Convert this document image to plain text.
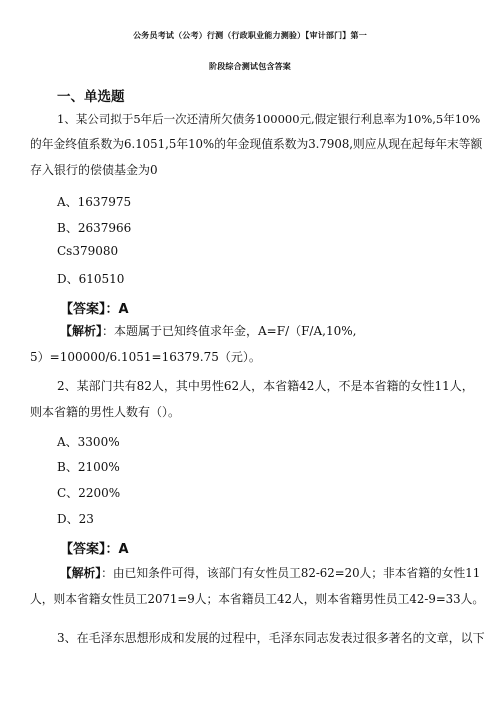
公务员考试（公考）行测（行政职业能力测验）【审计部门】第一
阶段综合测试包含答案
一、单选题
1、某公司拟于5年后一次还清所欠债务100000元,假定银行利息率为10%,5年10%
的年金终值系数为6.1051,5年10%的年金现值系数为3.7908,则应从现在起每年末等额
存入银行的偿债基金为0
A、1637975
B、2637966
Cs379080
D、610510
【答案】：A
【解析】：本题属于已知终值求年金，A=F/（F/A,10%,
5）=100000/6.1051=16379.75（元）。
2、某部门共有82人，其中男性62人，本省籍42人，不是本省籍的女性11人，
则本省籍的男性人数有（）。
A、3300%
B、2100%
C、2200%
D、23
【答案】：A
【解析】：由已知条件可得，该部门有女性员工82-62=20人；非本省籍的女性11
人，则本省籍女性员工2071=9人；本省籍员工42人，则本省籍男性员工42-9=33人。
3、在毛泽东思想形成和发展的过程中，毛泽东同志发表过很多著名的文章，以下
